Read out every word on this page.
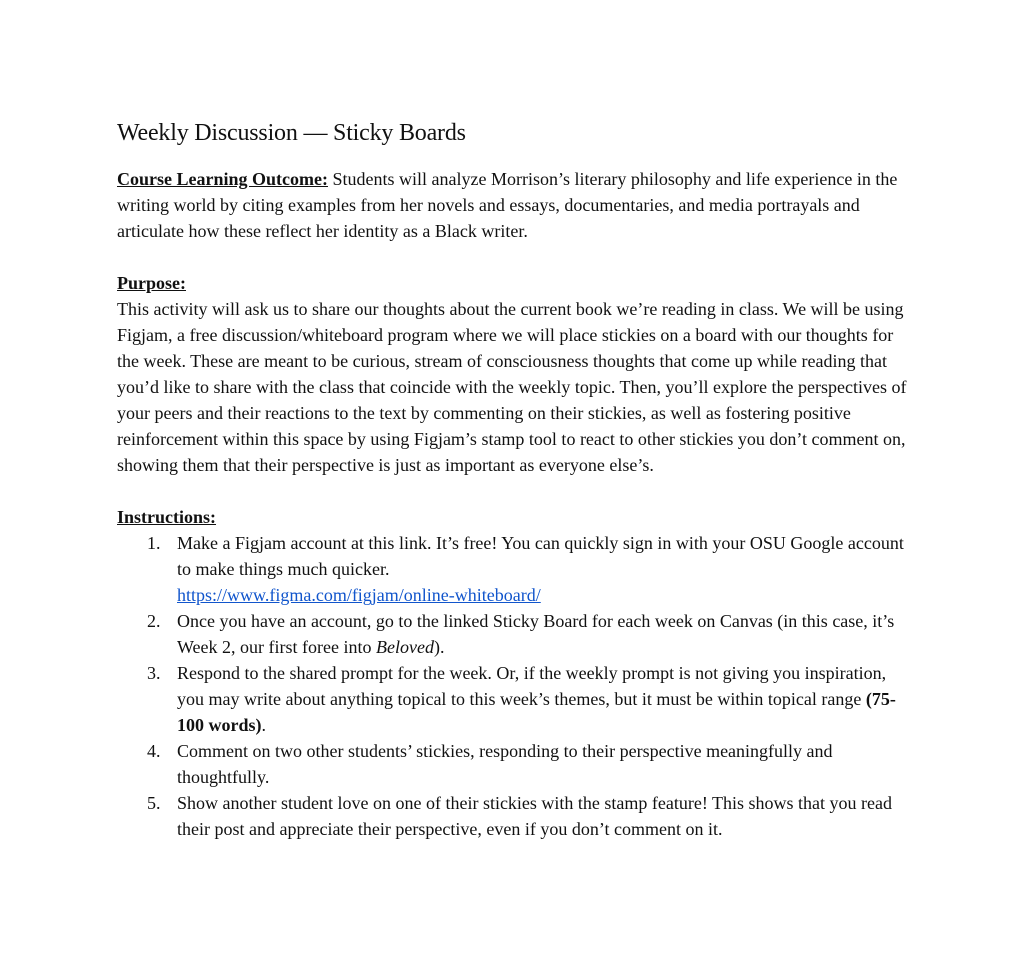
Weekly Discussion — Sticky Boards

Course Learning Outcome: Students will analyze Morrison’s literary philosophy and life experience in the writing world by citing examples from her novels and essays, documentaries, and media portrayals and articulate how these reflect her identity as a Black writer.

Purpose:

This activity will ask us to share our thoughts about the current book we’re reading in class. We will be using Figjam, a free discussion/whiteboard program where we will place stickies on a board with our thoughts for the week. These are meant to be curious, stream of consciousness thoughts that come up while reading that you’d like to share with the class that coincide with the weekly topic. Then, you’ll explore the perspectives of your peers and their reactions to the text by commenting on their stickies, as well as fostering positive reinforcement within this space by using Figjam’s stamp tool to react to other stickies you don’t comment on, showing them that their perspective is just as important as everyone else’s.

Instructions:

1. Make a Figjam account at this link. It’s free! You can quickly sign in with your OSU Google account to make things much quicker.
https://www.figma.com/figjam/online-whiteboard/
2. Once you have an account, go to the linked Sticky Board for each week on Canvas (in this case, it’s Week 2, our first foree into Beloved).
3. Respond to the shared prompt for the week. Or, if the weekly prompt is not giving you inspiration, you may write about anything topical to this week’s themes, but it must be within topical range (75-100 words).
4. Comment on two other students’ stickies, responding to their perspective meaningfully and thoughtfully.
5. Show another student love on one of their stickies with the stamp feature! This shows that you read their post and appreciate their perspective, even if you don’t comment on it.
